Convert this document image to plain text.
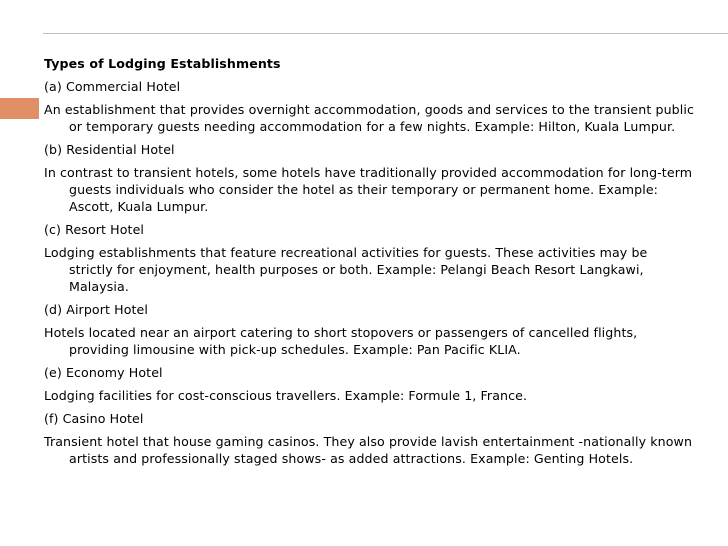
Types of Lodging Establishments

(a) Commercial Hotel

An establishment that provides overnight accommodation, goods and services to the transient public or temporary guests needing accommodation for a few nights. Example: Hilton, Kuala Lumpur.

(b) Residential Hotel

In contrast to transient hotels, some hotels have traditionally provided accommodation for long-term guests individuals who consider the hotel as their temporary or permanent home. Example: Ascott, Kuala Lumpur.

(c) Resort Hotel

Lodging establishments that feature recreational activities for guests. These activities may be strictly for enjoyment, health purposes or both. Example: Pelangi Beach Resort Langkawi, Malaysia.

(d) Airport Hotel

Hotels located near an airport catering to short stopovers or passengers of cancelled flights, providing limousine with pick-up schedules. Example: Pan Pacific KLIA.

(e) Economy Hotel

Lodging facilities for cost-conscious travellers. Example: Formule 1, France.

(f) Casino Hotel

Transient hotel that house gaming casinos. They also provide lavish entertainment -nationally known artists and professionally staged shows- as added attractions. Example: Genting Hotels.
